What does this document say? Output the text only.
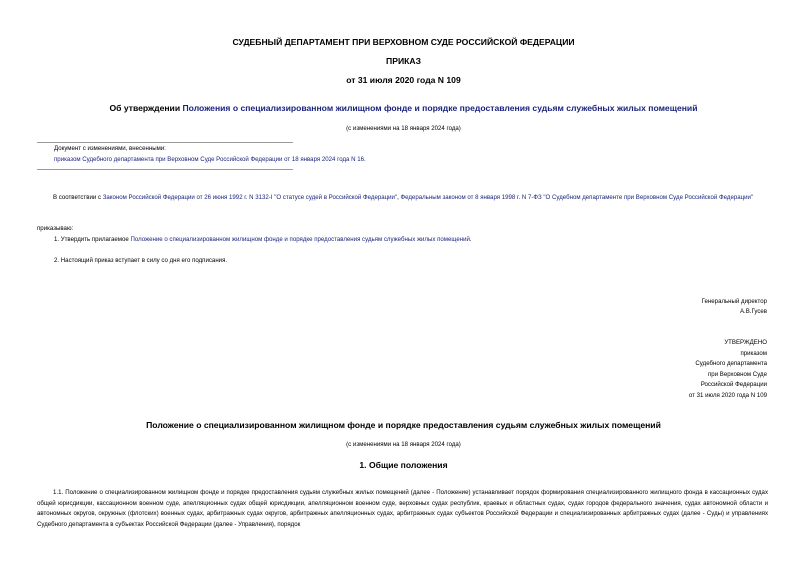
СУДЕБНЫЙ ДЕПАРТАМЕНТ ПРИ ВЕРХОВНОМ СУДЕ РОССИЙСКОЙ ФЕДЕРАЦИИ
ПРИКАЗ
от 31 июля 2020 года N 109
Об утверждении Положения о специализированном жилищном фонде и порядке предоставления судьям служебных жилых помещений
(с изменениями на 18 января 2024 года)
Документ с изменениями, внесенными:
приказом Судебного департамента при Верховном Суде Российской Федерации от 18 января 2024 года N 16.
В соответствии с Законом Российской Федерации от 26 июня 1992 г. N 3132-I "О статусе судей в Российской Федерации", Федеральным законом от 8 января 1998 г. N 7-ФЗ "О Судебном департаменте при Верховном Суде Российской Федерации"
приказываю:
1. Утвердить прилагаемое Положение о специализированном жилищном фонде и порядке предоставления судьям служебных жилых помещений.
2. Настоящий приказ вступает в силу со дня его подписания.
Генеральный директор
А.В.Гусев
УТВЕРЖДЕНО
приказом
Судебного департамента
при Верховном Суде
Российской Федерации
от 31 июля 2020 года N 109
Положение о специализированном жилищном фонде и порядке предоставления судьям служебных жилых помещений
(с изменениями на 18 января 2024 года)
1. Общие положения
1.1. Положение о специализированном жилищном фонде и порядке предоставления судьям служебных жилых помещений (далее - Положение) устанавливает порядок формирования специализированного жилищного фонда в кассационных судах общей юрисдикции, кассационном военном суде, апелляционных судах общей юрисдикции, апелляционном военном суде, верховных судах республик, краевых и областных судах, судах городов федерального значения, судах автономной области и автономных округов, окружных (флотских) военных судах, арбитражных судах округов, арбитражных апелляционных судах, арбитражных судах субъектов Российской Федерации и специализированных арбитражных судах (далее - Суды) и управлениях Судебного департамента в субъектах Российской Федерации (далее - Управления), порядок
